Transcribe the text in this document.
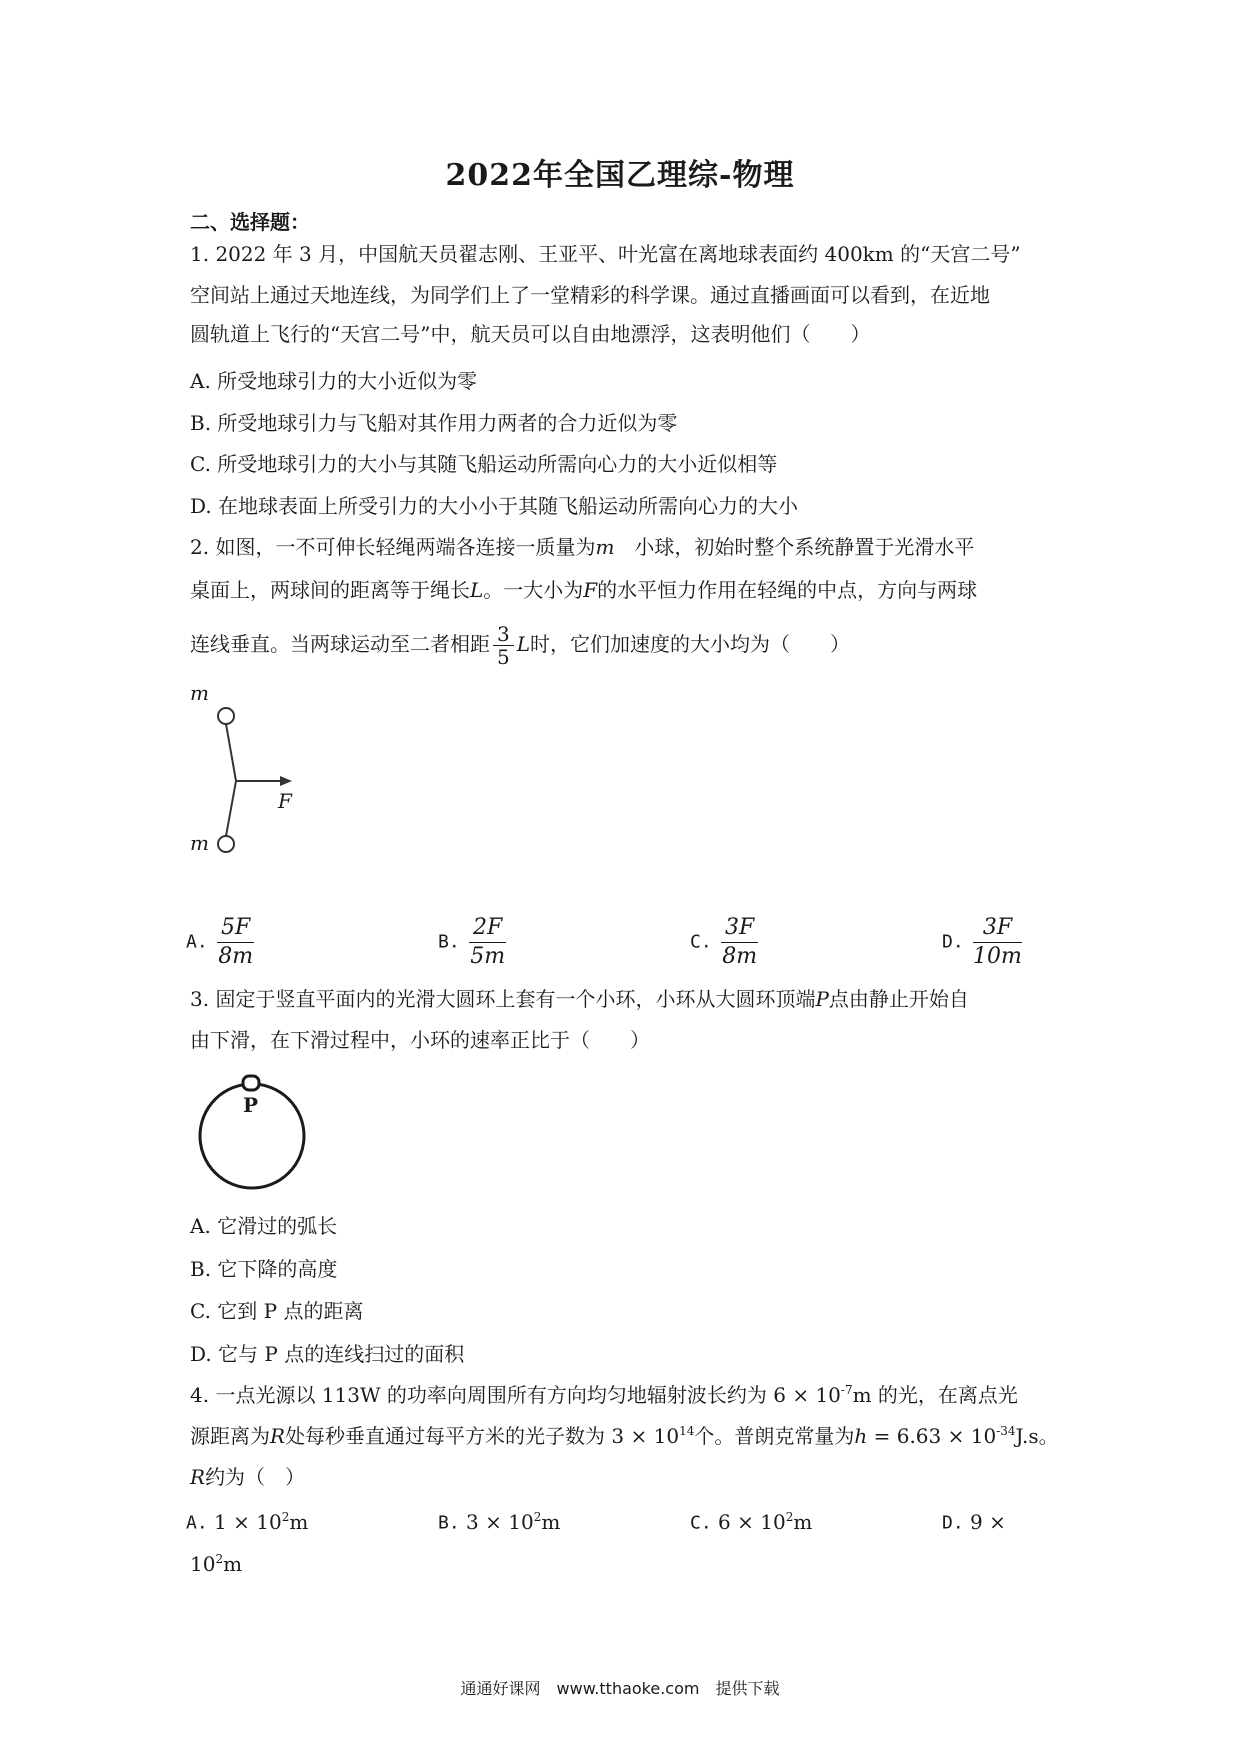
2022年全国乙理综-物理
二、选择题：
1. 2022 年 3 月，中国航天员翟志刚、王亚平、叶光富在离地球表面约 400km 的“天宫二号”
空间站上通过天地连线，为同学们上了一堂精彩的科学课。通过直播画面可以看到，在近地
圆轨道上飞行的“天宫二号”中，航天员可以自由地漂浮，这表明他们（　　）
A. 所受地球引力的大小近似为零
B. 所受地球引力与飞船对其作用力两者的合力近似为零
C. 所受地球引力的大小与其随飞船运动所需向心力的大小近似相等
D. 在地球表面上所受引力的大小小于其随飞船运动所需向心力的大小
2. 如图，一不可伸长轻绳两端各连接一质量为m　小球，初始时整个系统静置于光滑水平
桌面上，两球间的距离等于绳长L。一大小为F的水平恒力作用在轻绳的中点，方向与两球
连线垂直。当两球运动至二者相距 $\frac{3}{5}$ L时，它们加速度的大小均为（　　）
m
F
m
A. $\frac{5F}{8m}$	B. $\frac{2F}{5m}$	C. $\frac{3F}{8m}$	D. $\frac{3F}{10m}$
3. 固定于竖直平面内的光滑大圆环上套有一个小环，小环从大圆环顶端P点由静止开始自
由下滑，在下滑过程中，小环的速率正比于（　　）
P
A. 它滑过的弧长
B. 它下降的高度
C. 它到 P 点的距离
D. 它与 P 点的连线扫过的面积
4. 一点光源以 113W 的功率向周围所有方向均匀地辐射波长约为 $6 \times 10^{-7}m$ 的光，在离点光
源距离为R处每秒垂直通过每平方米的光子数为 $3 \times 10^{14}$个。普朗克常量为$h = 6.63 \times 10^{-34}J.s$。
R约为（　）
A. $1 \times 10^2m$	B. $3 \times 10^2m$	C. $6 \times 10^2m$	D. 9 ×
$10^2m$
通通好课网　www.tthaoke.com　提供下载
